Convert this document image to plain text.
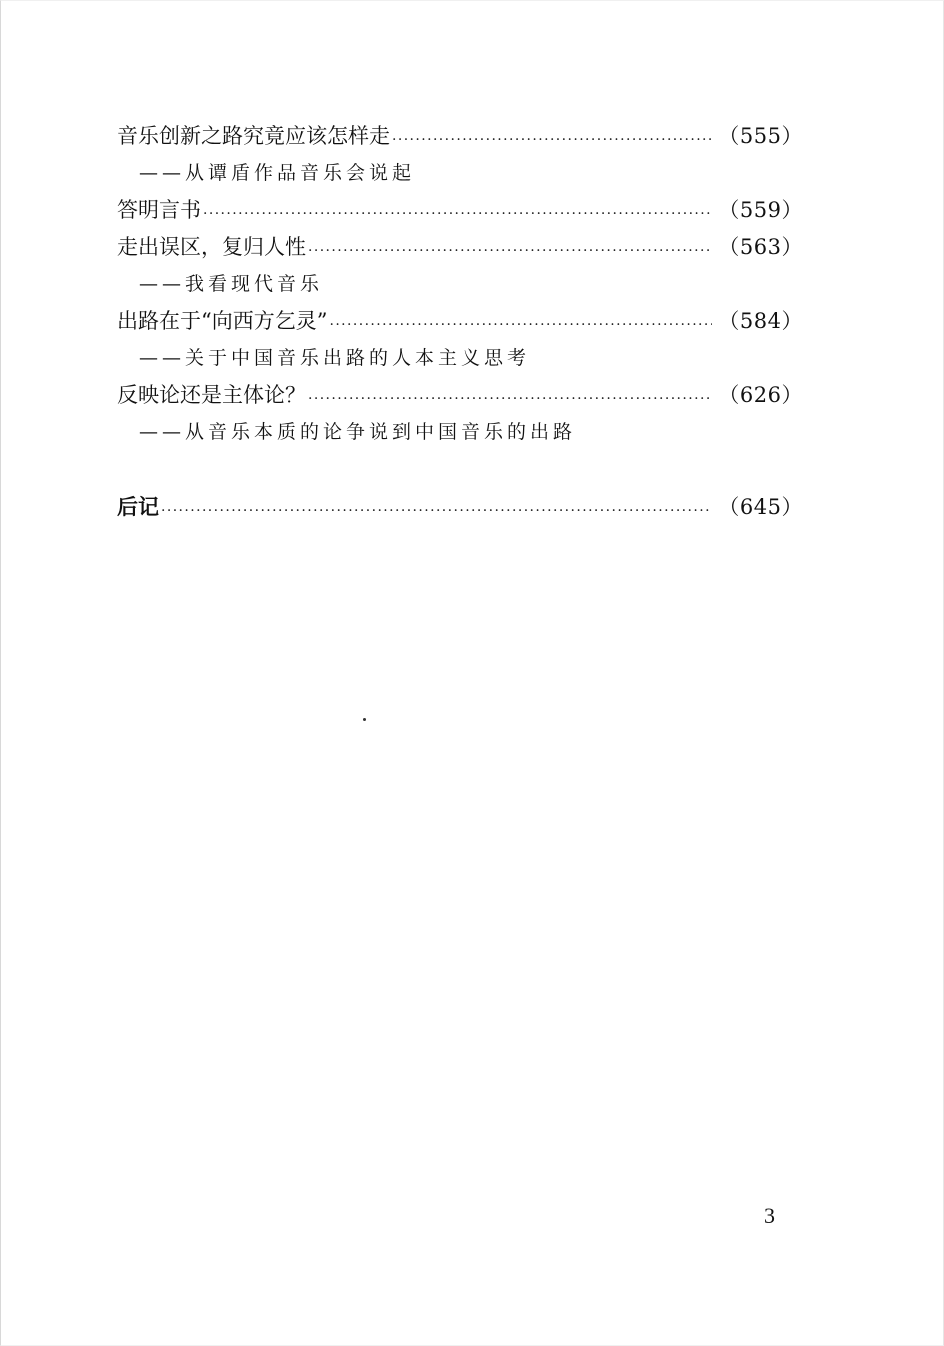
音乐创新之路究竟应该怎样走 ·····	（555）
——从谭盾作品音乐会说起
答明言书 ·····	（559）
走出误区，复归人性 ·····	（563）
——我看现代音乐
出路在于“向西方乞灵” ·····	（584）
——关于中国音乐出路的人本主义思考
反映论还是主体论？ ·····	（626）
——从音乐本质的论争说到中国音乐的出路
后记 ·····	（645）
3
